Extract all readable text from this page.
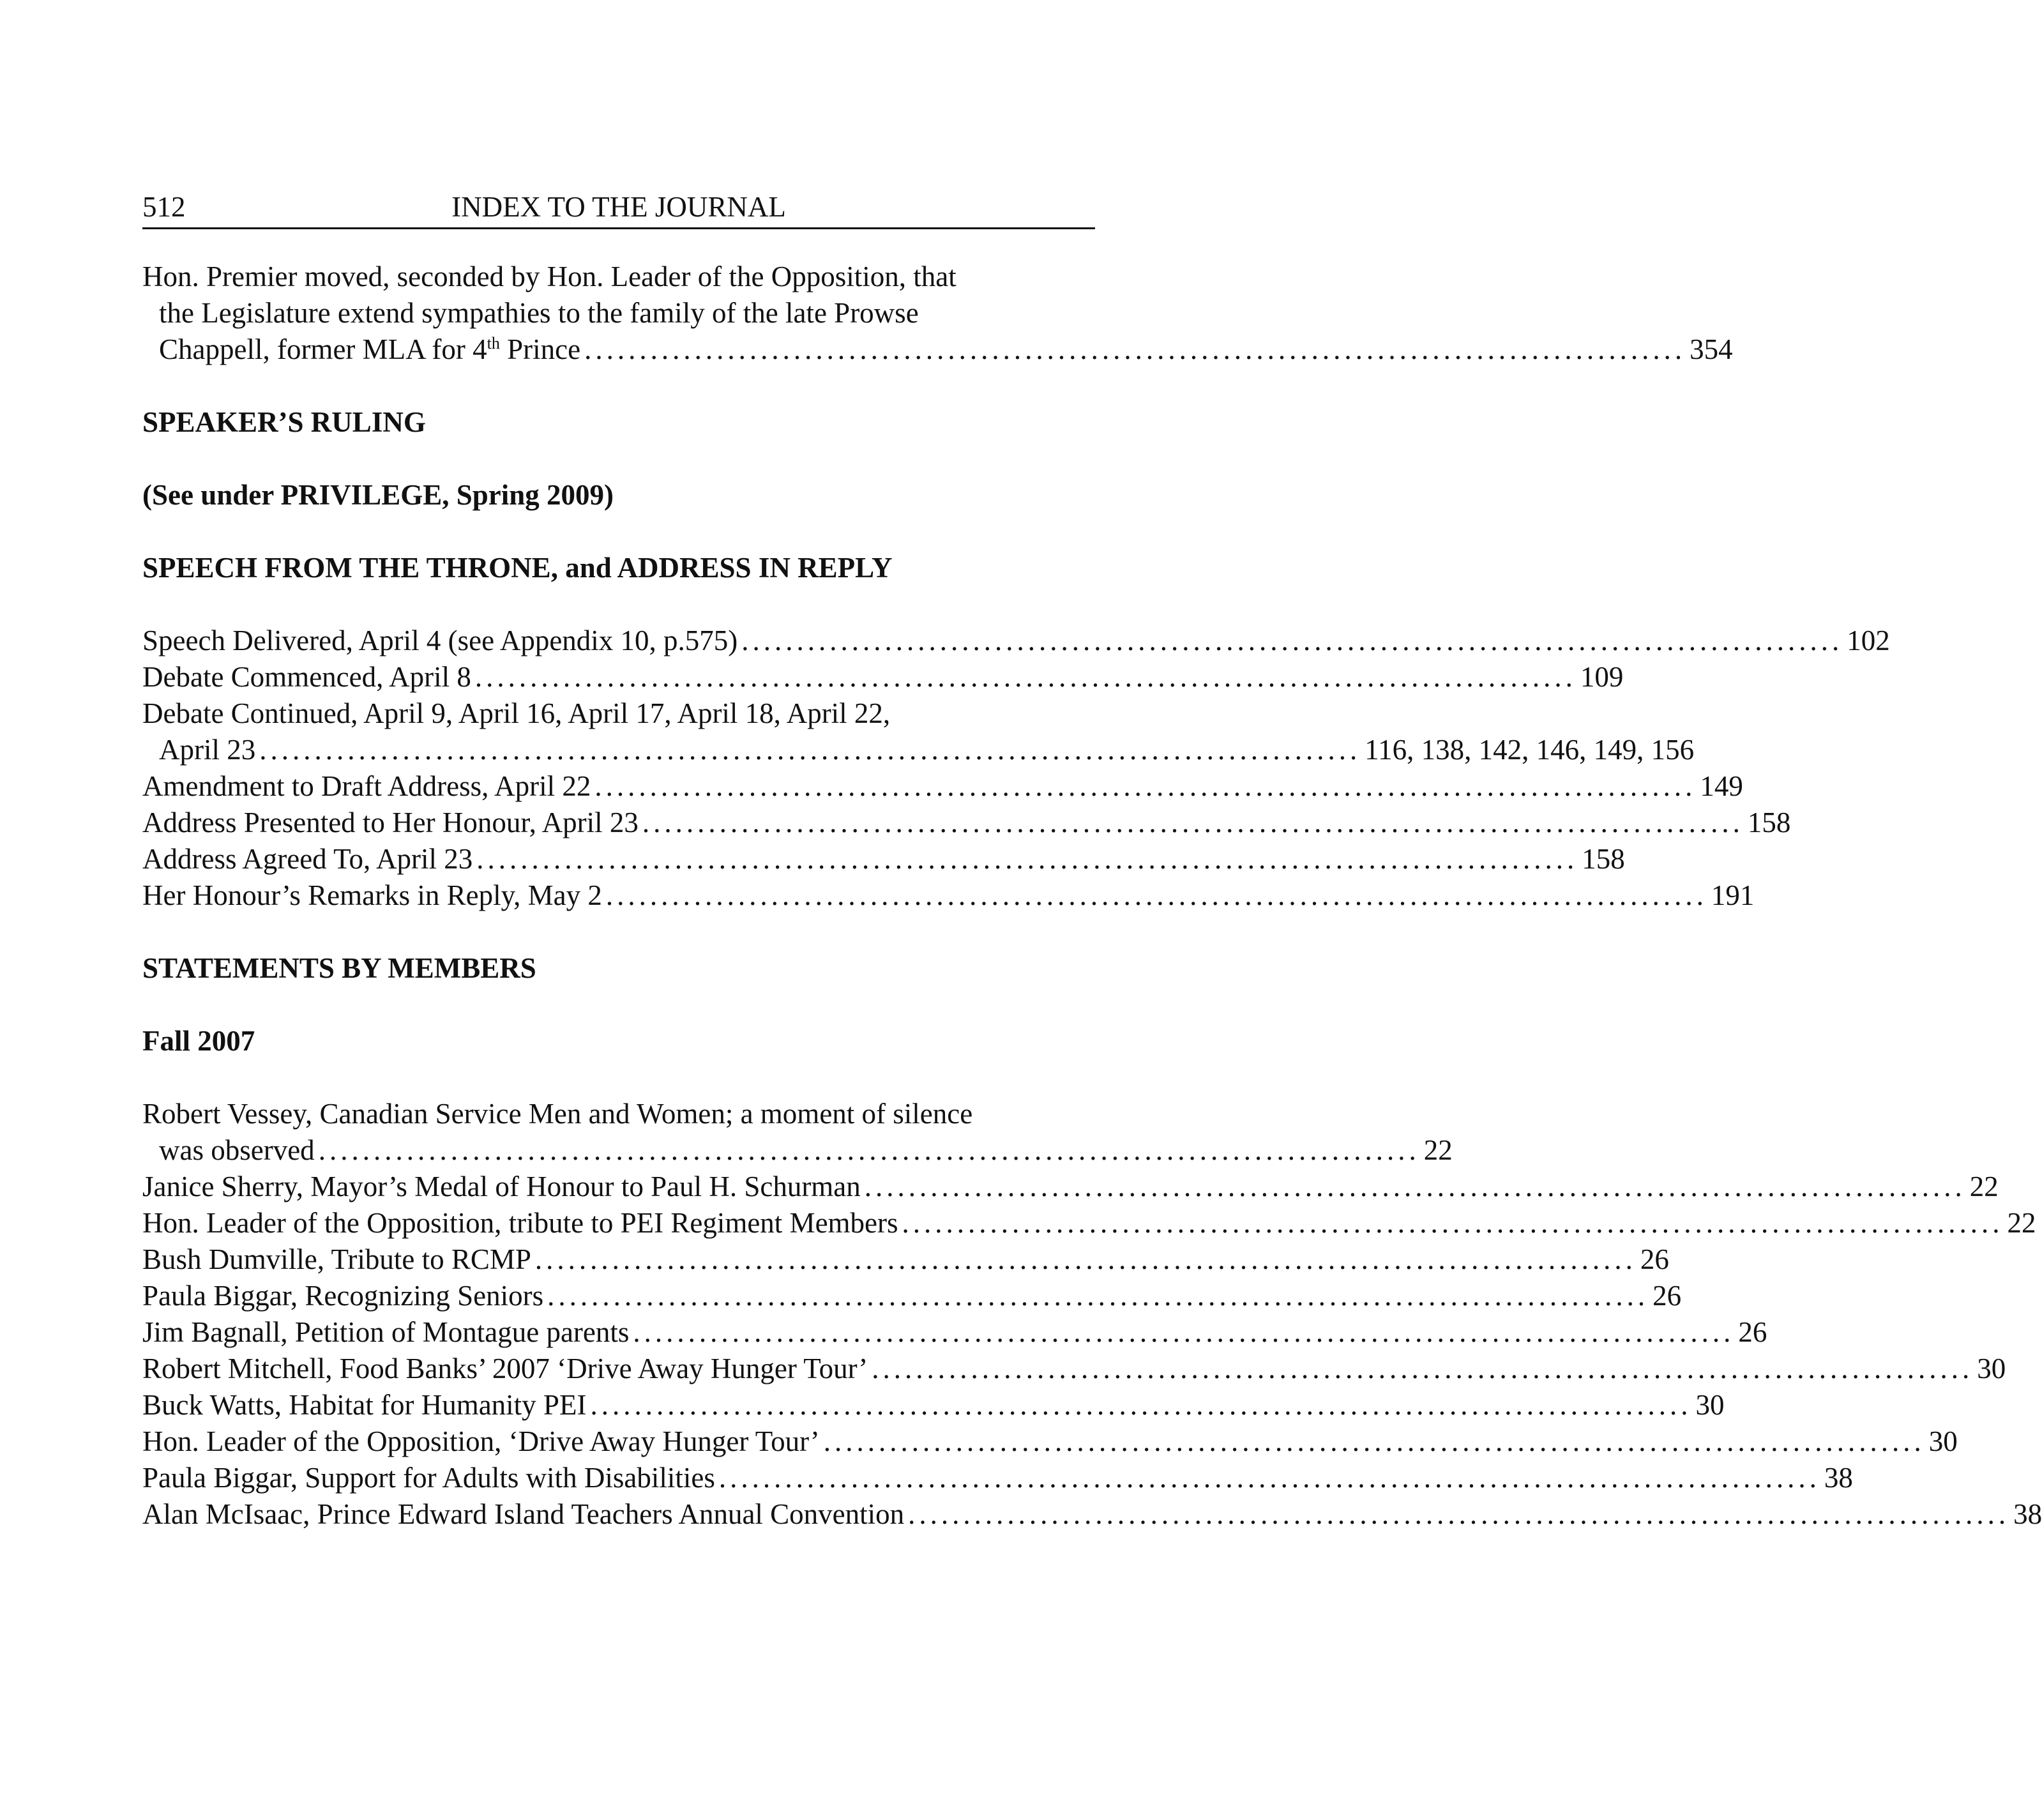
512	INDEX TO THE JOURNAL
Hon. Premier moved, seconded by Hon. Leader of the Opposition, that
the Legislature extend sympathies to the family of the late Prowse
Chappell, former MLA for 4th Prince .................................................................................................... 354
SPEAKER’S RULING
(See under PRIVILEGE, Spring 2009)
SPEECH FROM THE THRONE, and ADDRESS IN REPLY
Speech Delivered, April 4 (see Appendix 10, p.575) .................................................................................................... 102
Debate Commenced, April 8 .................................................................................................... 109
Debate Continued, April 9, April 16, April 17, April 18, April 22,
April 23 .................................................................................................... 116, 138, 142, 146, 149, 156
Amendment to Draft Address, April 22 .................................................................................................... 149
Address Presented to Her Honour, April 23 .................................................................................................... 158
Address Agreed To, April 23 .................................................................................................... 158
Her Honour’s Remarks in Reply, May 2 .................................................................................................... 191
STATEMENTS BY MEMBERS
Fall 2007
Robert Vessey, Canadian Service Men and Women; a moment of silence
was observed .................................................................................................... 22
Janice Sherry, Mayor’s Medal of Honour to Paul H. Schurman .................................................................................................... 22
Hon. Leader of the Opposition, tribute to PEI Regiment Members .................................................................................................... 22
Bush Dumville, Tribute to RCMP .................................................................................................... 26
Paula Biggar, Recognizing Seniors .................................................................................................... 26
Jim Bagnall, Petition of Montague parents .................................................................................................... 26
Robert Mitchell, Food Banks’ 2007 ‘Drive Away Hunger Tour’ .................................................................................................... 30
Buck Watts, Habitat for Humanity PEI .................................................................................................... 30
Hon. Leader of the Opposition, ‘Drive Away Hunger Tour’ .................................................................................................... 30
Paula Biggar, Support for Adults with Disabilities .................................................................................................... 38
Alan McIsaac, Prince Edward Island Teachers Annual Convention .................................................................................................... 38
